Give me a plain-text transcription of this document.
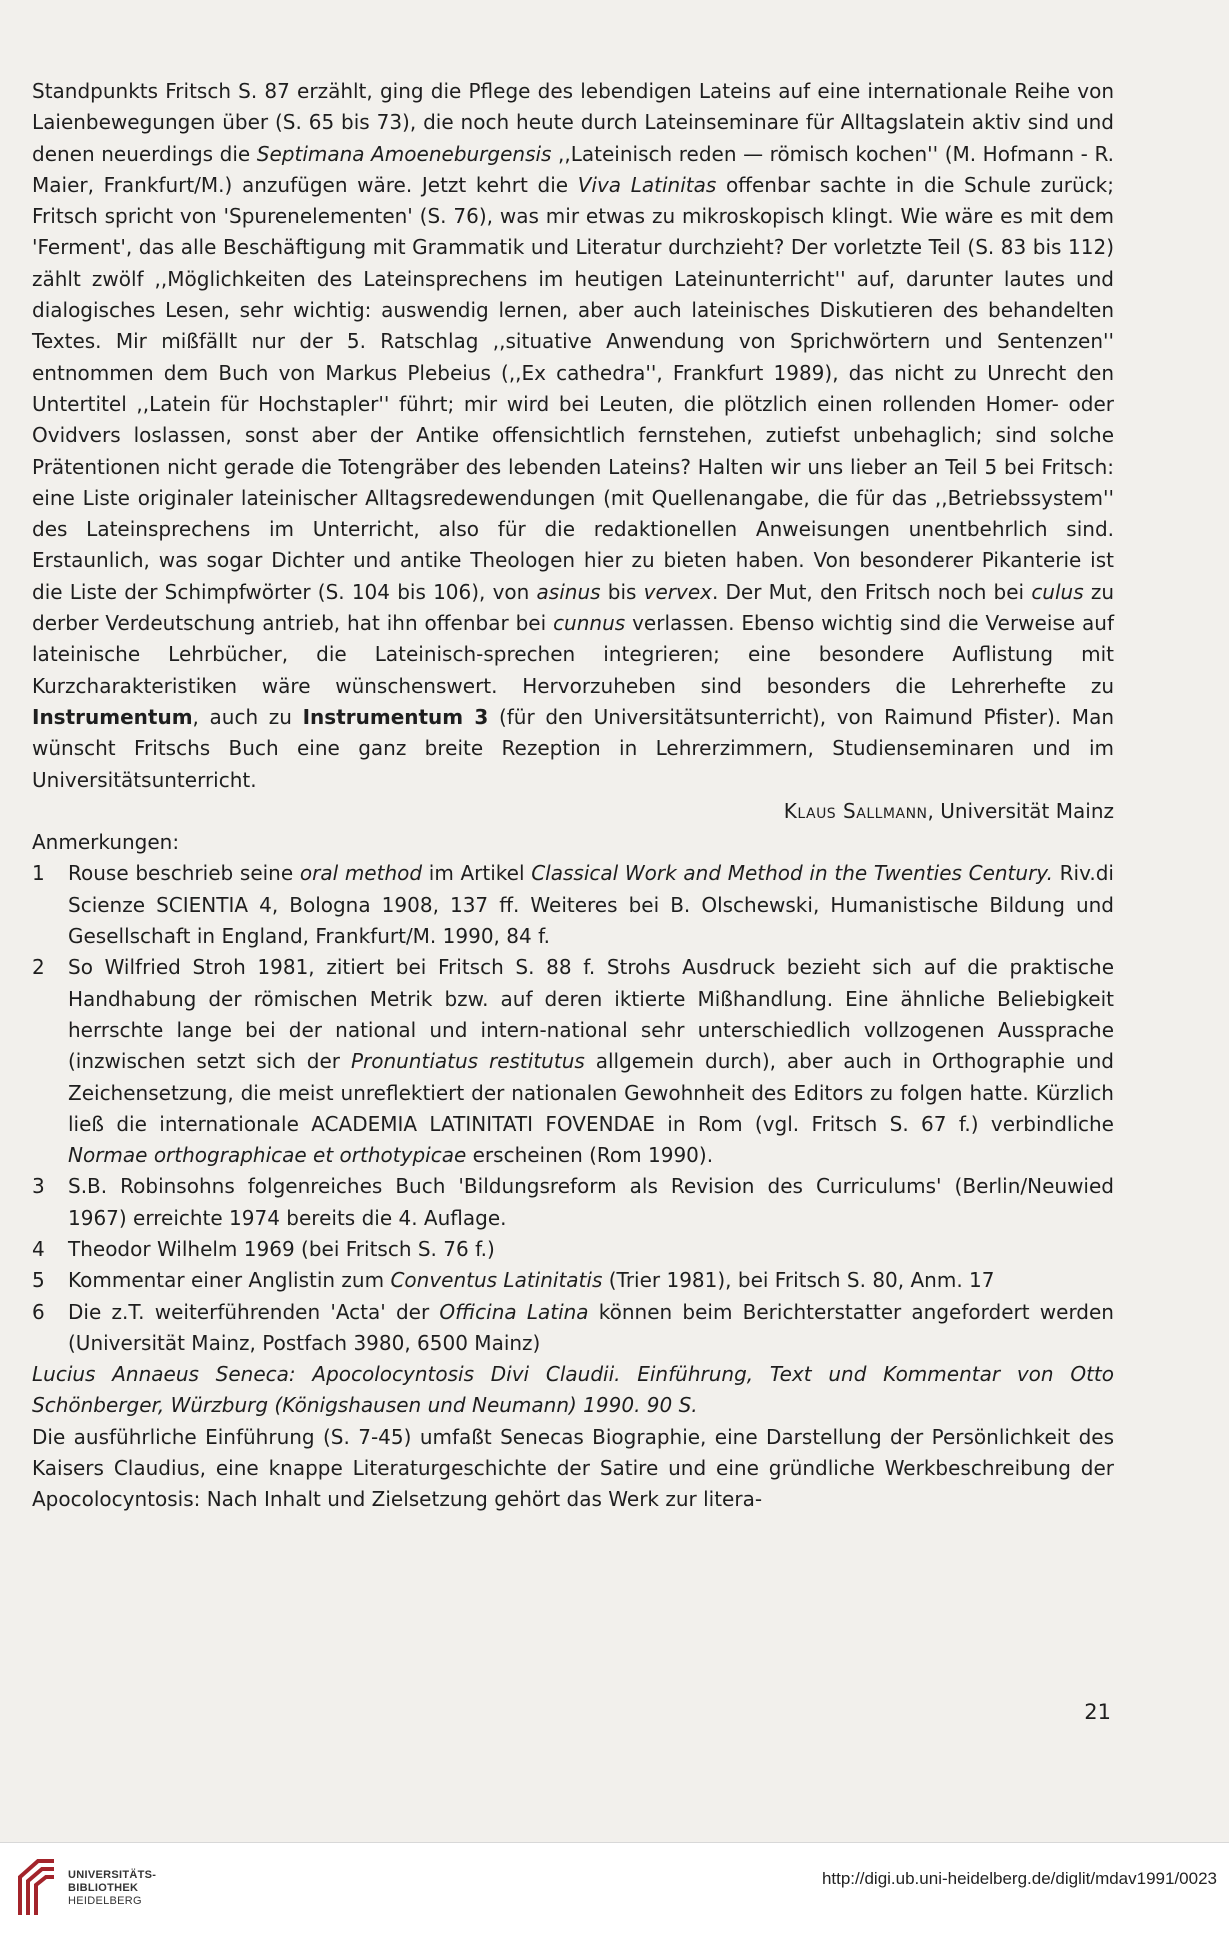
Standpunkts Fritsch S. 87 erzählt, ging die Pflege des lebendigen Lateins auf eine internationale Reihe von Laienbewegungen über (S. 65 bis 73), die noch heute durch Lateinseminare für Alltagslatein aktiv sind und denen neuerdings die Septimana Amoeneburgensis ,,Lateinisch reden — römisch kochen'' (M. Hofmann - R. Maier, Frankfurt/M.) anzufügen wäre. Jetzt kehrt die Viva Latinitas offenbar sachte in die Schule zurück; Fritsch spricht von 'Spurenelementen' (S. 76), was mir etwas zu mikroskopisch klingt. Wie wäre es mit dem 'Ferment', das alle Beschäftigung mit Grammatik und Literatur durchzieht? Der vorletzte Teil (S. 83 bis 112) zählt zwölf ,,Möglichkeiten des Lateinsprechens im heutigen Lateinunterricht'' auf, darunter lautes und dialogisches Lesen, sehr wichtig: auswendig lernen, aber auch lateinisches Diskutieren des behandelten Textes. Mir mißfällt nur der 5. Ratschlag ,,situative Anwendung von Sprichwörtern und Sentenzen'' entnommen dem Buch von Markus Plebeius (,,Ex cathedra'', Frankfurt 1989), das nicht zu Unrecht den Untertitel ,,Latein für Hochstapler'' führt; mir wird bei Leuten, die plötzlich einen rollenden Homer- oder Ovidvers loslassen, sonst aber der Antike offensichtlich fernstehen, zutiefst unbehaglich; sind solche Prätentionen nicht gerade die Totengräber des lebenden Lateins? Halten wir uns lieber an Teil 5 bei Fritsch: eine Liste originaler lateinischer Alltagsredewendungen (mit Quellenangabe, die für das ,,Betriebssystem'' des Lateinsprechens im Unterricht, also für die redaktionellen Anweisungen unentbehrlich sind. Erstaunlich, was sogar Dichter und antike Theologen hier zu bieten haben. Von besonderer Pikanterie ist die Liste der Schimpfwörter (S. 104 bis 106), von asinus bis vervex. Der Mut, den Fritsch noch bei culus zu derber Verdeutschung antrieb, hat ihn offenbar bei cunnus verlassen. Ebenso wichtig sind die Verweise auf lateinische Lehrbücher, die Lateinisch-sprechen integrieren; eine besondere Auflistung mit Kurzcharakteristiken wäre wünschenswert. Hervorzuheben sind besonders die Lehrerhefte zu Instrumentum, auch zu Instrumentum 3 (für den Universitätsunterricht), von Raimund Pfister). Man wünscht Fritschs Buch eine ganz breite Rezeption in Lehrerzimmern, Studienseminaren und im Universitätsunterricht.

Klaus Sallmann, Universität Mainz

Anmerkungen:

1	Rouse beschrieb seine oral method im Artikel Classical Work and Method in the Twenties Century. Riv.di Scienze SCIENTIA 4, Bologna 1908, 137 ff. Weiteres bei B. Olschewski, Humanistische Bildung und Gesellschaft in England, Frankfurt/M. 1990, 84 f.
2	So Wilfried Stroh 1981, zitiert bei Fritsch S. 88 f. Strohs Ausdruck bezieht sich auf die praktische Handhabung der römischen Metrik bzw. auf deren iktierte Mißhandlung. Eine ähnliche Beliebigkeit herrschte lange bei der national und intern-national sehr unterschiedlich vollzogenen Aussprache (inzwischen setzt sich der Pronuntiatus restitutus allgemein durch), aber auch in Orthographie und Zeichensetzung, die meist unreflektiert der nationalen Gewohnheit des Editors zu folgen hatte. Kürzlich ließ die internationale ACADEMIA LATINITATI FOVENDAE in Rom (vgl. Fritsch S. 67 f.) verbindliche Normae orthographicae et orthotypicae erscheinen (Rom 1990).
3	S.B. Robinsohns folgenreiches Buch 'Bildungsreform als Revision des Curriculums' (Berlin/Neuwied 1967) erreichte 1974 bereits die 4. Auflage.
4	Theodor Wilhelm 1969 (bei Fritsch S. 76 f.)
5	Kommentar einer Anglistin zum Conventus Latinitatis (Trier 1981), bei Fritsch S. 80, Anm. 17
6	Die z.T. weiterführenden 'Acta' der Officina Latina können beim Berichterstatter angefordert werden (Universität Mainz, Postfach 3980, 6500 Mainz)

Lucius Annaeus Seneca: Apocolocyntosis Divi Claudii. Einführung, Text und Kommentar von Otto Schönberger, Würzburg (Königshausen und Neumann) 1990. 90 S.

Die ausführliche Einführung (S. 7-45) umfaßt Senecas Biographie, eine Darstellung der Persönlichkeit des Kaisers Claudius, eine knappe Literaturgeschichte der Satire und eine gründliche Werkbeschreibung der Apocolocyntosis: Nach Inhalt und Zielsetzung gehört das Werk zur litera-

21
UNIVERSITÄTS-
BIBLIOTHEK
HEIDELBERG
http://digi.ub.uni-heidelberg.de/diglit/mdav1991/0023
